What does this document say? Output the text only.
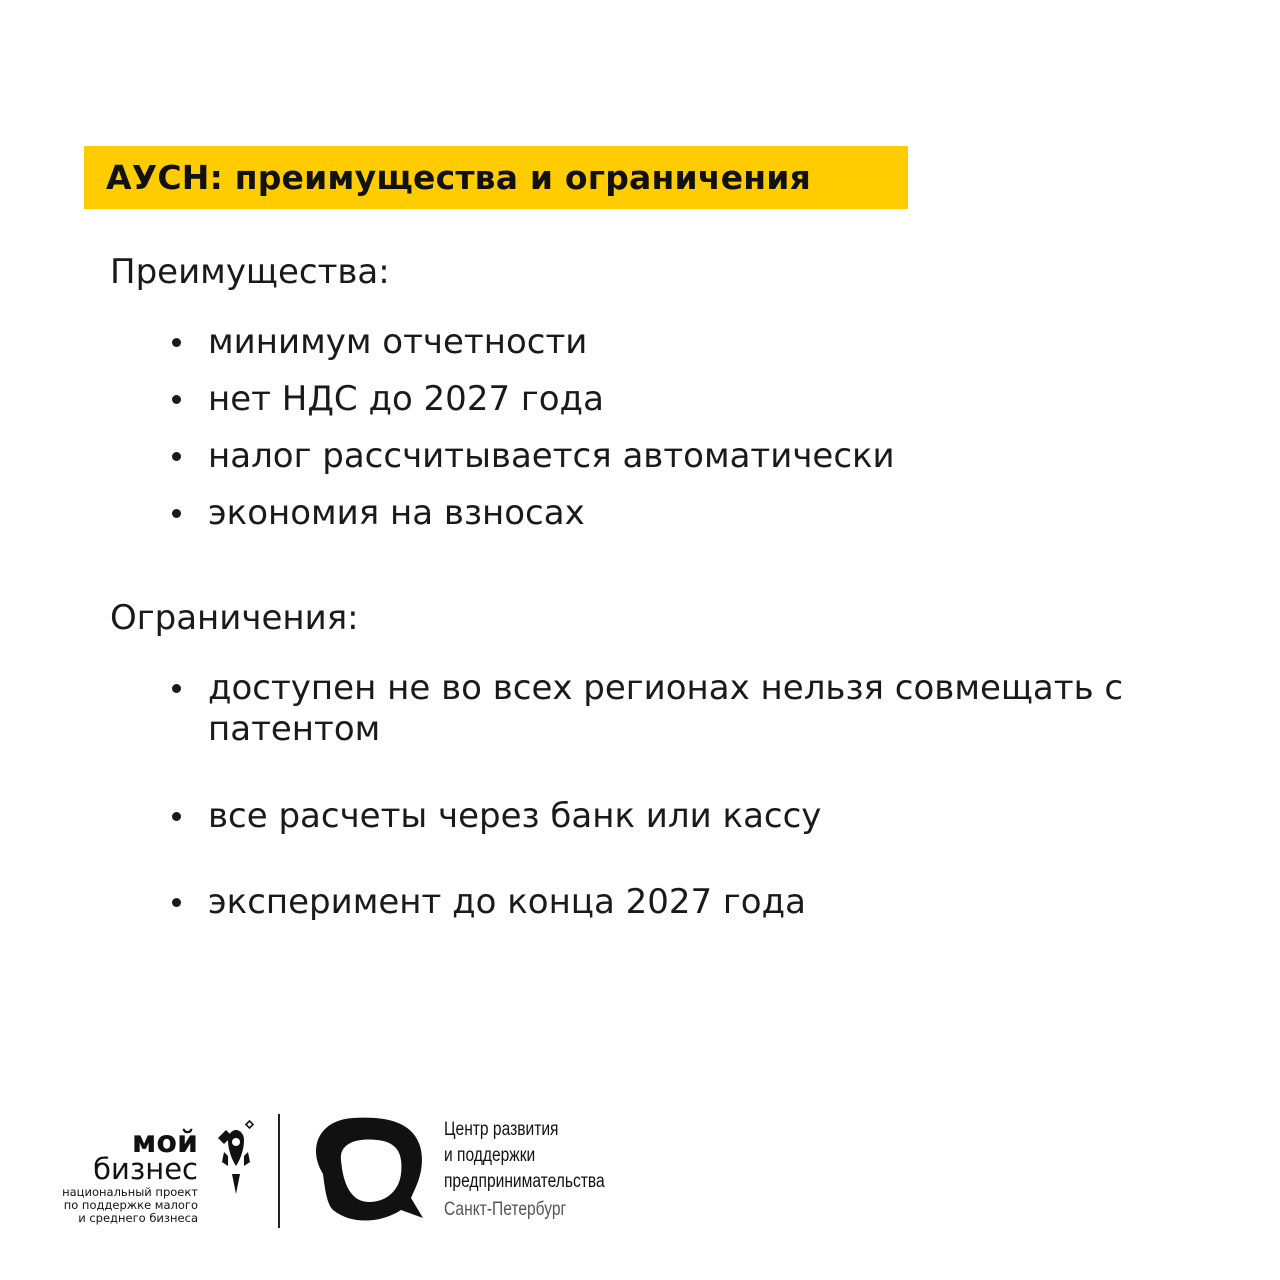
АУСН: преимущества и ограничения
Преимущества:
минимум отчетности
нет НДС до 2027 года
налог рассчитывается автоматически
экономия на взносах
Ограничения:
доступен не во всех регионах нельзя совмещать с патентом
все расчеты через банк или кассу
эксперимент до конца 2027 года
мой
бизнес
национальный проект
по поддержке малого
и среднего бизнеса
Центр развития
и поддержки
предпринимательства
Санкт-Петербург
